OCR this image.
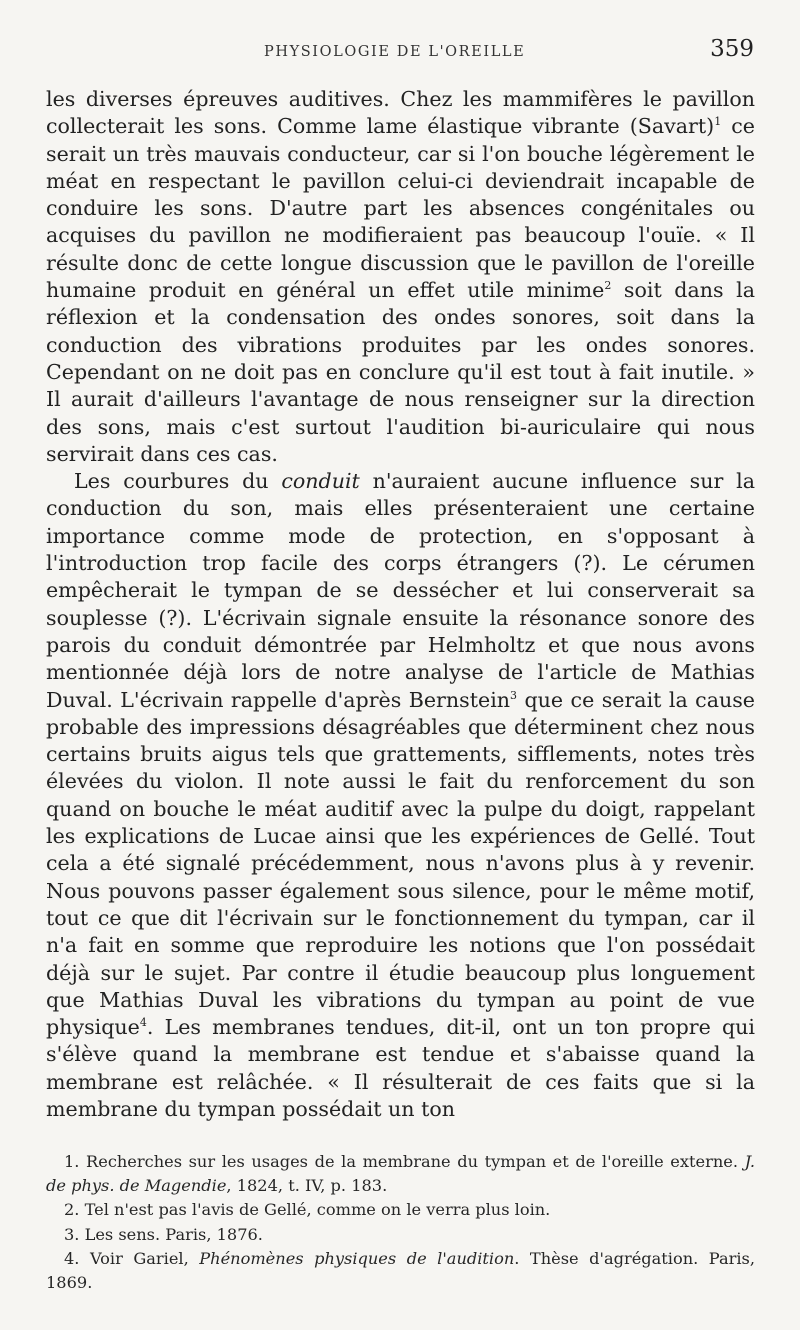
PHYSIOLOGIE DE L'OREILLE	359

les diverses épreuves auditives. Chez les mammifères le pavillon collecterait les sons. Comme lame élastique vibrante (Savart)$^1$ ce serait un très mauvais conducteur, car si l'on bouche légèrement le méat en respectant le pavillon celui-ci deviendrait incapable de conduire les sons. D'autre part les absences congénitales ou acquises du pavillon ne modifieraient pas beaucoup l'ouïe. « Il résulte donc de cette longue discussion que le pavillon de l'oreille humaine produit en général un effet utile minime$^2$ soit dans la réflexion et la condensation des ondes sonores, soit dans la conduction des vibrations produites par les ondes sonores. Cependant on ne doit pas en conclure qu'il est tout à fait inutile. » Il aurait d'ailleurs l'avantage de nous renseigner sur la direction des sons, mais c'est surtout l'audition bi-auriculaire qui nous servirait dans ces cas.

Les courbures du conduit n'auraient aucune influence sur la conduction du son, mais elles présenteraient une certaine importance comme mode de protection, en s'opposant à l'introduction trop facile des corps étrangers (?). Le cérumen empêcherait le tympan de se dessécher et lui conserverait sa souplesse (?). L'écrivain signale ensuite la résonance sonore des parois du conduit démontrée par Helmholtz et que nous avons mentionnée déjà lors de notre analyse de l'article de Mathias Duval. L'écrivain rappelle d'après Bernstein$^3$ que ce serait la cause probable des impressions désagréables que déterminent chez nous certains bruits aigus tels que grattements, sifflements, notes très élevées du violon. Il note aussi le fait du renforcement du son quand on bouche le méat auditif avec la pulpe du doigt, rappelant les explications de Lucae ainsi que les expériences de Gellé. Tout cela a été signalé précédemment, nous n'avons plus à y revenir. Nous pouvons passer également sous silence, pour le même motif, tout ce que dit l'écrivain sur le fonctionnement du tympan, car il n'a fait en somme que reproduire les notions que l'on possédait déjà sur le sujet. Par contre il étudie beaucoup plus longuement que Mathias Duval les vibrations du tympan au point de vue physique$^4$. Les membranes tendues, dit-il, ont un ton propre qui s'élève quand la membrane est tendue et s'abaisse quand la membrane est relâchée. « Il résulterait de ces faits que si la membrane du tympan possédait un ton

1. Recherches sur les usages de la membrane du tympan et de l'oreille externe. J. de phys. de Magendie, 1824, t. IV, p. 183.

2. Tel n'est pas l'avis de Gellé, comme on le verra plus loin.

3. Les sens. Paris, 1876.

4. Voir Gariel, Phénomènes physiques de l'audition. Thèse d'agrégation. Paris, 1869.
